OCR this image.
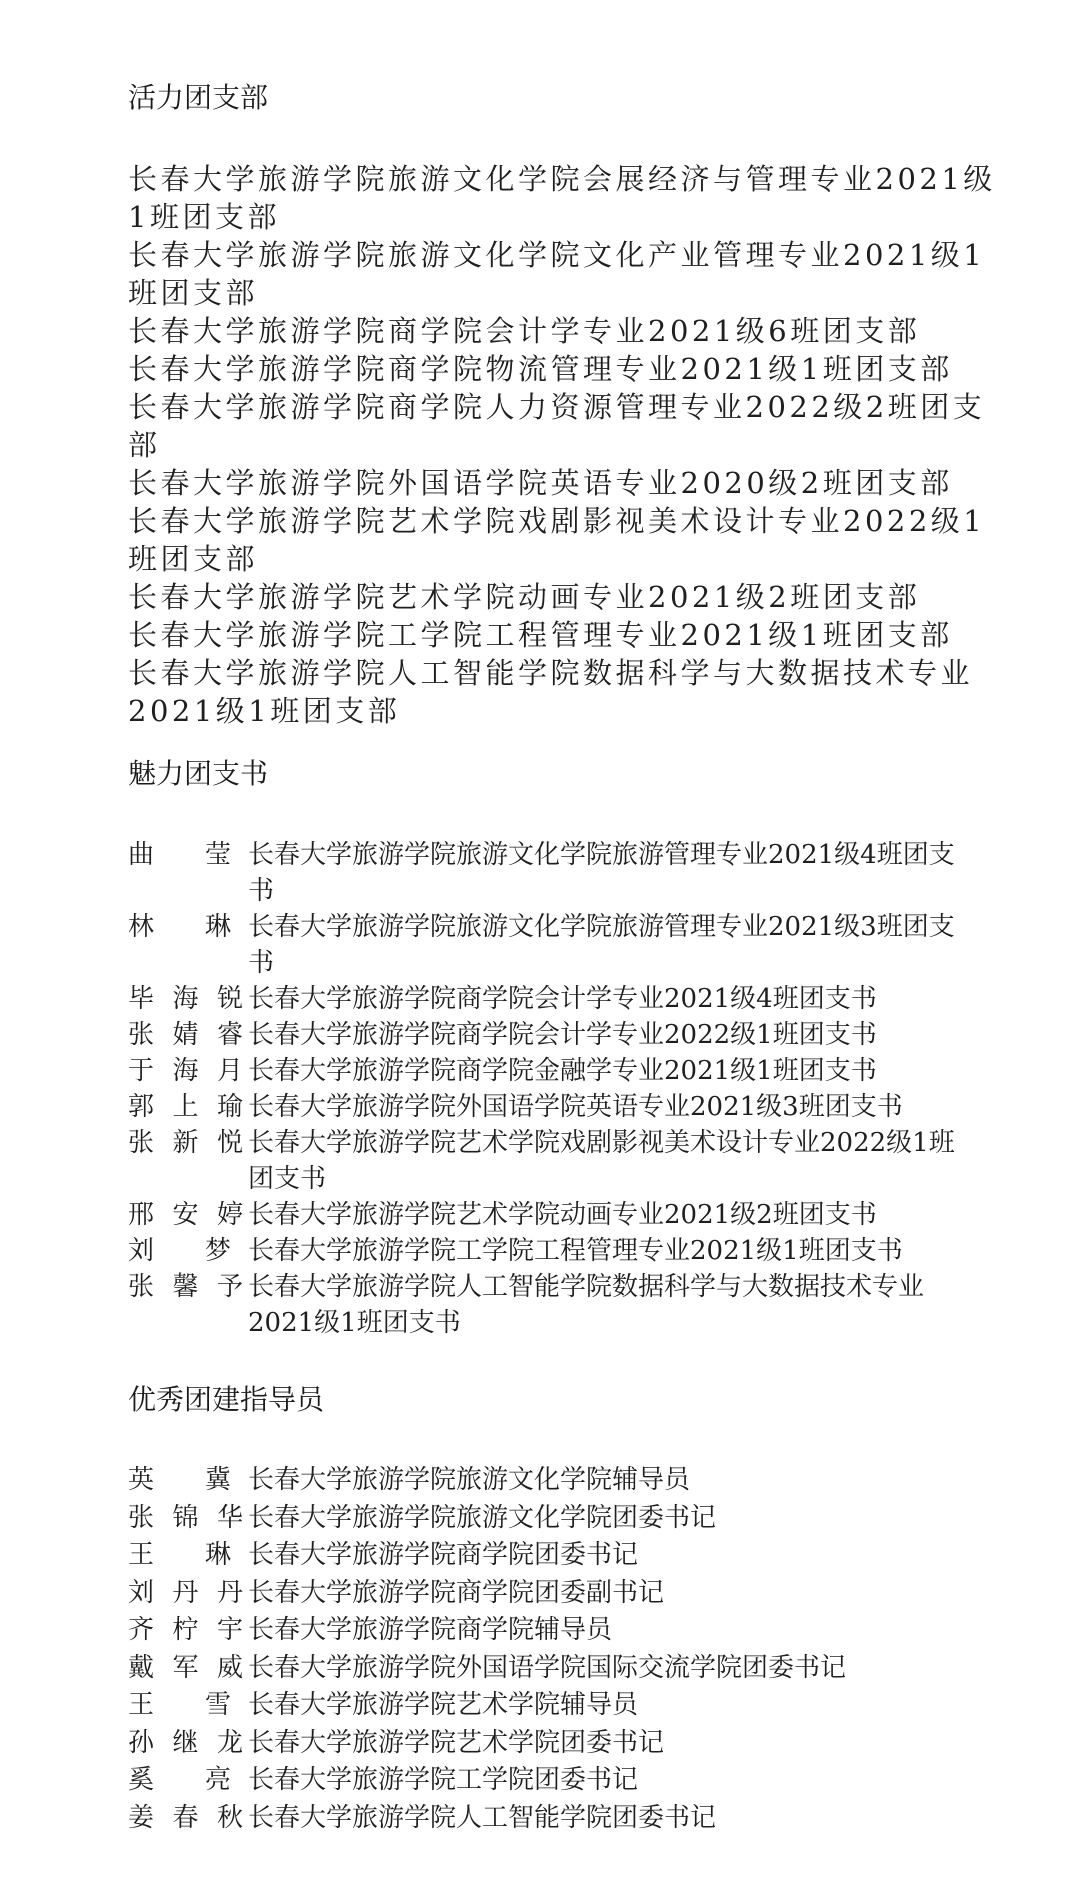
活力团支部
长春大学旅游学院旅游文化学院会展经济与管理专业2021级1班团支部
长春大学旅游学院旅游文化学院文化产业管理专业2021级1班团支部
长春大学旅游学院商学院会计学专业2021级6班团支部
长春大学旅游学院商学院物流管理专业2021级1班团支部
长春大学旅游学院商学院人力资源管理专业2022级2班团支部
长春大学旅游学院外国语学院英语专业2020级2班团支部
长春大学旅游学院艺术学院戏剧影视美术设计专业2022级1班团支部
长春大学旅游学院艺术学院动画专业2021级2班团支部
长春大学旅游学院工学院工程管理专业2021级1班团支部
长春大学旅游学院人工智能学院数据科学与大数据技术专业2021级1班团支部
魅力团支书
曲莹 长春大学旅游学院旅游文化学院旅游管理专业2021级4班团支书
林琳 长春大学旅游学院旅游文化学院旅游管理专业2021级3班团支书
毕海锐 长春大学旅游学院商学院会计学专业2021级4班团支书
张婧睿 长春大学旅游学院商学院会计学专业2022级1班团支书
于海月 长春大学旅游学院商学院金融学专业2021级1班团支书
郭上瑜 长春大学旅游学院外国语学院英语专业2021级3班团支书
张新悦 长春大学旅游学院艺术学院戏剧影视美术设计专业2022级1班团支书
邢安婷 长春大学旅游学院艺术学院动画专业2021级2班团支书
刘梦 长春大学旅游学院工学院工程管理专业2021级1班团支书
张馨予 长春大学旅游学院人工智能学院数据科学与大数据技术专业2021级1班团支书
优秀团建指导员
英冀 长春大学旅游学院旅游文化学院辅导员
张锦华 长春大学旅游学院旅游文化学院团委书记
王琳 长春大学旅游学院商学院团委书记
刘丹丹 长春大学旅游学院商学院团委副书记
齐柠宇 长春大学旅游学院商学院辅导员
戴军威 长春大学旅游学院外国语学院国际交流学院团委书记
王雪 长春大学旅游学院艺术学院辅导员
孙继龙 长春大学旅游学院艺术学院团委书记
奚亮 长春大学旅游学院工学院团委书记
姜春秋 长春大学旅游学院人工智能学院团委书记
